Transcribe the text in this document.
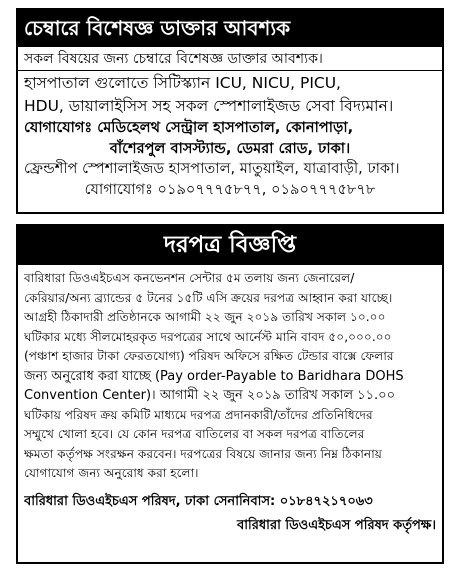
চেম্বারে বিশেষজ্ঞ ডাক্তার আবশ্যক
সকল বিষয়ের জন্য চেম্বারে বিশেষজ্ঞ ডাক্তার আবশ্যক।
হাসপাতাল গুলোতে সিটিস্ক্যান ICU, NICU, PICU,
HDU, ডায়ালাইসিস সহ সকল স্পেশালাইজড সেবা বিদ্যমান।
যোগাযোগঃ মেডিহেলথ সেন্ট্রাল হাসপাতাল, কোনাপাড়া,
বাঁশেরপুল বাসস্ট্যান্ড, ডেমরা রোড, ঢাকা।
ফ্রেন্ডশীপ স্পেশালাইজড হাসপাতাল, মাতুয়াইল, যাত্রাবাড়ী, ঢাকা।
যোগাযোগঃ ০১৯০৭৭৭৫৮৭৭, ০১৯০৭৭৭৫৮৭৮
দরপত্র বিজ্ঞপ্তি
বারিধারা ডিওএইচএস কনভেনশন সেন্টার ৫ম তলায় জন্য জেনারেল/
কেরিয়ার/অন্য ব্র্যান্ডের ৫ টনের ১৫টি এসি ক্রয়ের দরপত্র আহ্বান করা যাচ্ছে।
আগ্রহী ঠিকাদারী প্রতিষ্ঠানকে আগামী ২২ জুন ২০১৯ তারিখ সকাল ১০.০০
ঘটিকার মধ্যে সীলমোহরকৃত দরপত্রের সাথে আর্নেস্ট মানি বাবদ ৫০,০০০.০০
(পঞ্চাশ হাজার টাকা ফেরতযোগ্য) পরিষদ অফিসে রক্ষিত টেন্ডার বাক্সে ফেলার
জন্য অনুরোধ করা যাচ্ছে (Pay order-Payable to Baridhara DOHS
Convention Center)। আগামী ২২ জুন ২০১৯ তারিখ সকাল ১১.০০
ঘটিকায় পরিষদ ক্রয় কমিটি মাধ্যমে দরপত্র প্রদানকারী/তাঁদের প্রতিনিধিদের
সম্মুখে খোলা হবে। যে কোন দরপত্র বাতিলের বা সকল দরপত্র বাতিলের
ক্ষমতা কর্তৃপক্ষ সংরক্ষন করবেন। দরপত্রের বিষয়ে জানার জন্য নিম্ন ঠিকানায়
যোগাযোগ জন্য অনুরোধ করা হলো।
বারিধারা ডিওএইচএস পরিষদ, ঢাকা সেনানিবাস: ০১৮৪৭২১৭০৬৩
বারিধারা ডিওএইচএস পরিষদ কর্তৃপক্ষ।
